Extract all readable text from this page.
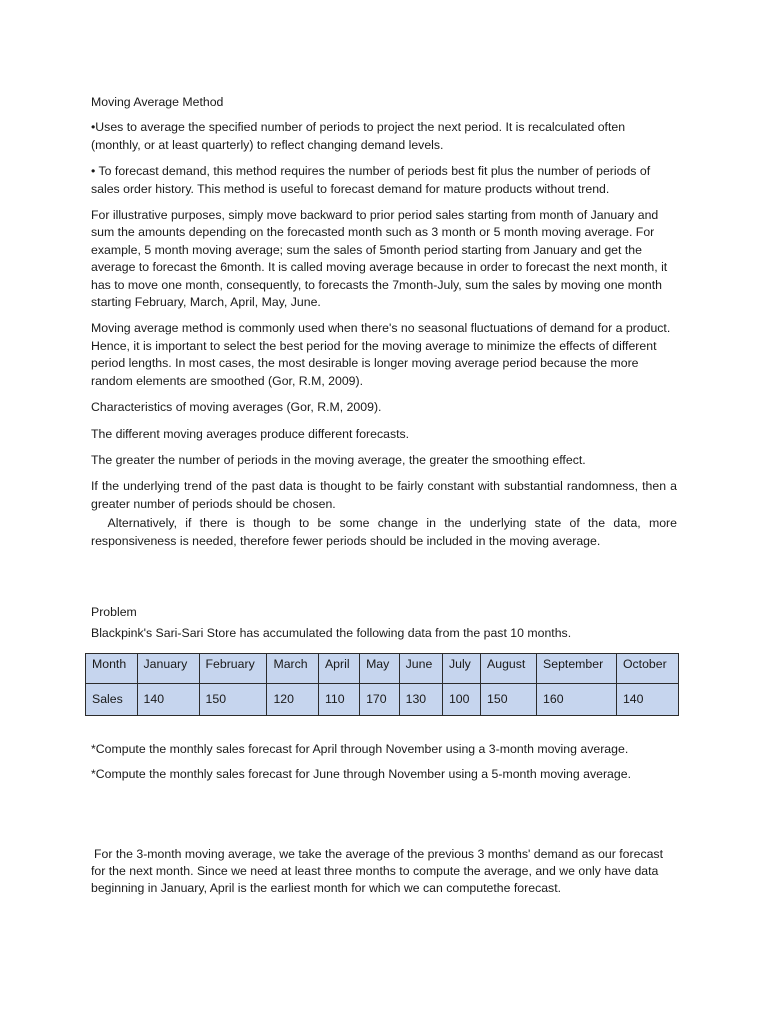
Moving Average Method

•Uses to average the specified number of periods to project the next period. It is recalculated often (monthly, or at least quarterly) to reflect changing demand levels.

• To forecast demand, this method requires the number of periods best fit plus the number of periods of sales order history. This method is useful to forecast demand for mature products without trend.

For illustrative purposes, simply move backward to prior period sales starting from month of January and sum the amounts depending on the forecasted month such as 3 month or 5 month moving average. For example, 5 month moving average; sum the sales of 5month period starting from January and get the average to forecast the 6month. It is called moving average because in order to forecast the next month, it has to move one month, consequently, to forecasts the 7month-July, sum the sales by moving one month starting February, March, April, May, June.

Moving average method is commonly used when there's no seasonal fluctuations of demand for a product. Hence, it is important to select the best period for the moving average to minimize the effects of different period lengths. In most cases, the most desirable is longer moving average period because the more random elements are smoothed (Gor, R.M, 2009).

Characteristics of moving averages (Gor, R.M, 2009).

The different moving averages produce different forecasts.

The greater the number of periods in the moving average, the greater the smoothing effect.

If the underlying trend of the past data is thought to be fairly constant with substantial randomness, then a greater number of periods should be chosen.

Alternatively, if there is though to be some change in the underlying state of the data, more responsiveness is needed, therefore fewer periods should be included in the moving average.

Problem

Blackpink's Sari-Sari Store has accumulated the following data from the past 10 months.

Month	January	February	March	April	May	June	July	August	September	October
Sales	140	150	120	110	170	130	100	150	160	140

*Compute the monthly sales forecast for April through November using a 3-month moving average.

*Compute the monthly sales forecast for June through November using a 5-month moving average.

For the 3-month moving average, we take the average of the previous 3 months' demand as our forecast for the next month. Since we need at least three months to compute the average, and we only have data beginning in January, April is the earliest month for which we can computethe forecast.
